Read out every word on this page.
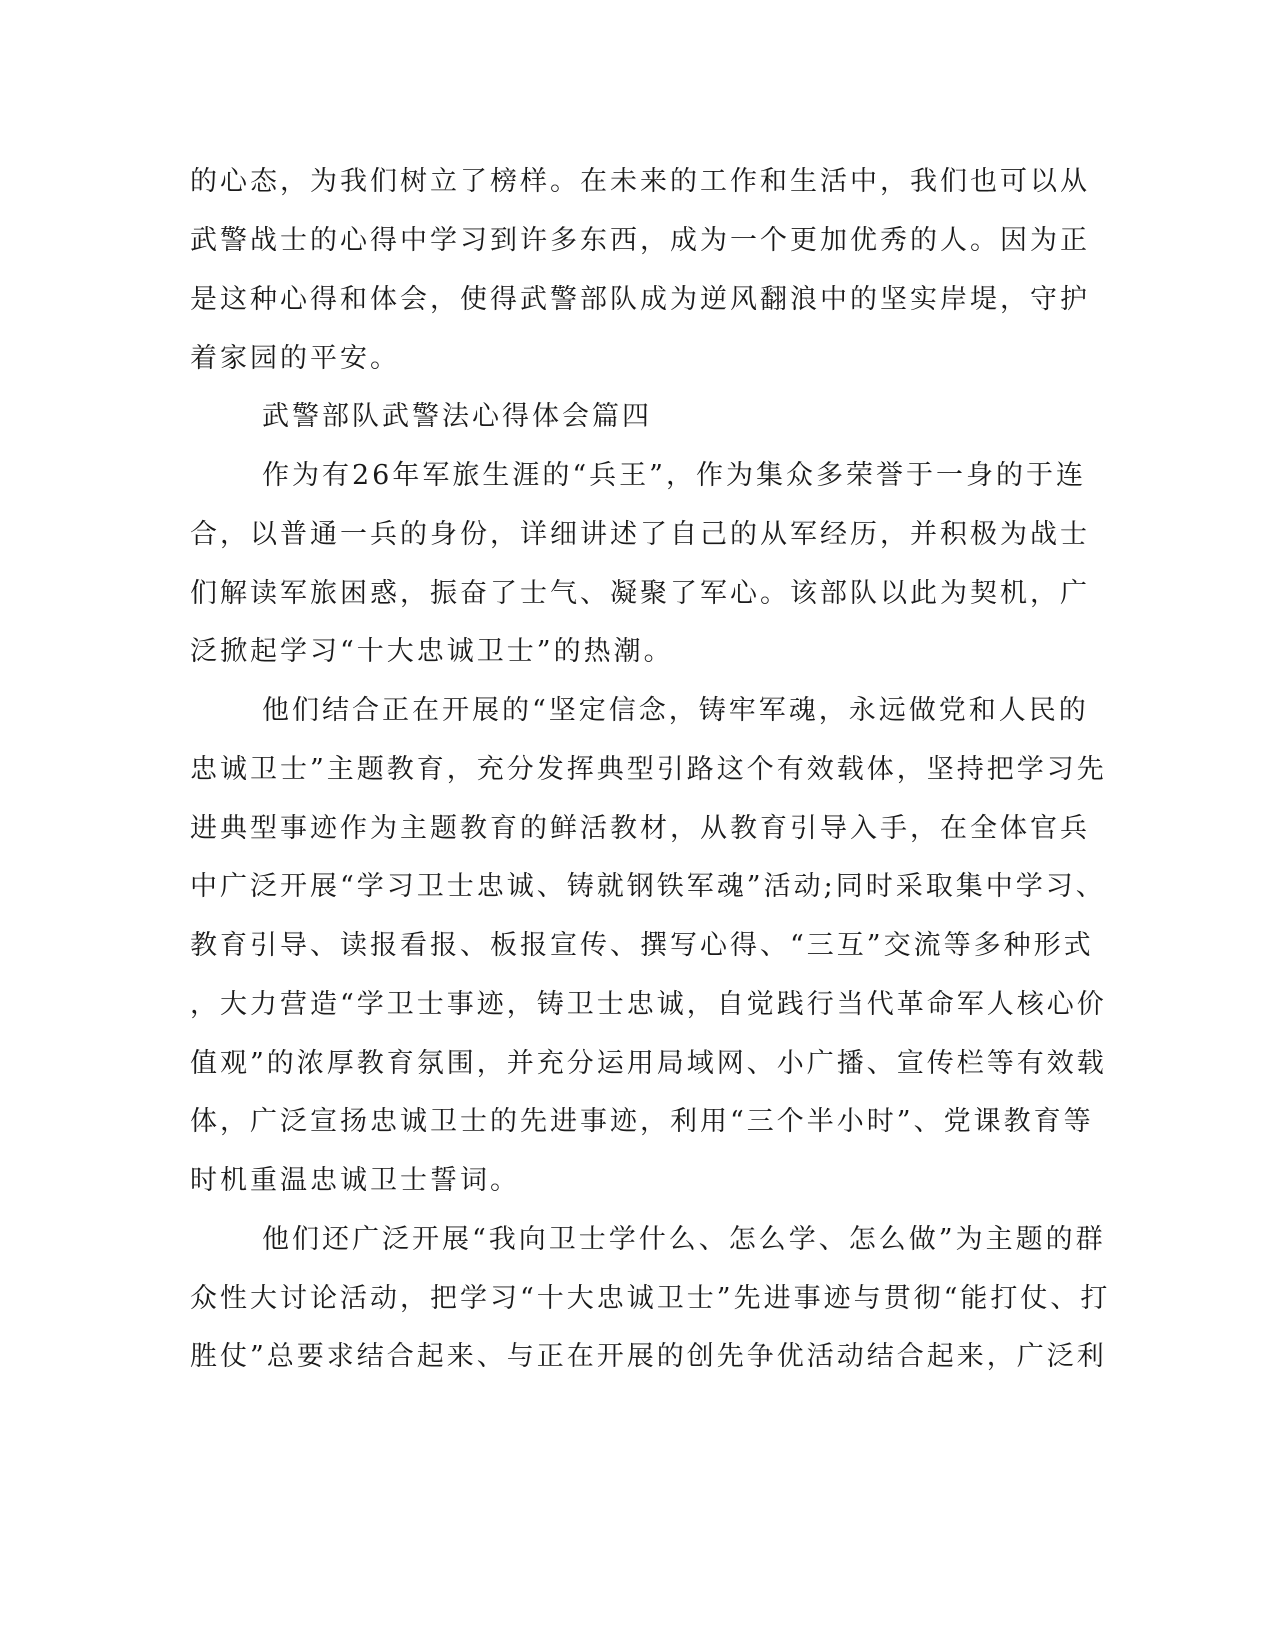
的心态，为我们树立了榜样。在未来的工作和生活中，我们也可以从
武警战士的心得中学习到许多东西，成为一个更加优秀的人。因为正
是这种心得和体会，使得武警部队成为逆风翻浪中的坚实岸堤，守护
着家园的平安。
武警部队武警法心得体会篇四
作为有26年军旅生涯的“兵王”，作为集众多荣誉于一身的于连
合，以普通一兵的身份，详细讲述了自己的从军经历，并积极为战士
们解读军旅困惑，振奋了士气、凝聚了军心。该部队以此为契机，广
泛掀起学习“十大忠诚卫士”的热潮。
他们结合正在开展的“坚定信念，铸牢军魂，永远做党和人民的
忠诚卫士”主题教育，充分发挥典型引路这个有效载体，坚持把学习先
进典型事迹作为主题教育的鲜活教材，从教育引导入手，在全体官兵
中广泛开展“学习卫士忠诚、铸就钢铁军魂”活动;同时采取集中学习、
教育引导、读报看报、板报宣传、撰写心得、“三互”交流等多种形式
，大力营造“学卫士事迹，铸卫士忠诚，自觉践行当代革命军人核心价
值观”的浓厚教育氛围，并充分运用局域网、小广播、宣传栏等有效载
体，广泛宣扬忠诚卫士的先进事迹，利用“三个半小时”、党课教育等
时机重温忠诚卫士誓词。
他们还广泛开展“我向卫士学什么、怎么学、怎么做”为主题的群
众性大讨论活动，把学习“十大忠诚卫士”先进事迹与贯彻“能打仗、打
胜仗”总要求结合起来、与正在开展的创先争优活动结合起来，广泛利
